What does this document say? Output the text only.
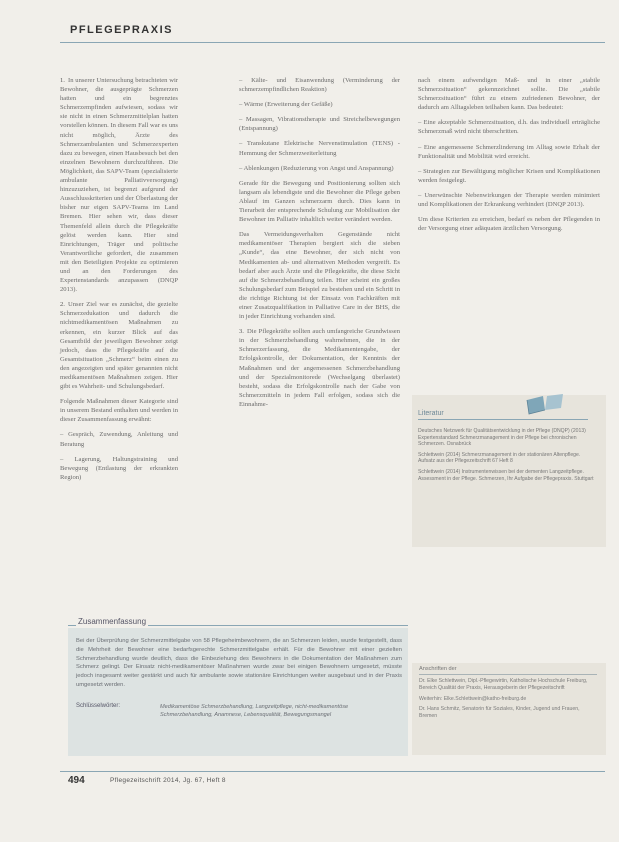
PFLEGEPRAXIS

1. In unserer Untersuchung betrachteten wir Bewohner, die ausgeprägte Schmerzen hatten und ein begrenztes Schmerzempfinden aufwiesen, sodass wir sie nicht in einen Schmerzmittelplan hatten vorstellen können. In diesem Fall war es uns nicht möglich, Ärzte des Schmerzambulanten und Schmerzexperten dazu zu bewegen, einen Hausbesuch bei den einzelnen Bewohnern durchzuführen. Die Möglichkeit, das SAPV-Team (spezialisierte ambulante Palliativversorgung) hinzuzuziehen, ist begrenzt aufgrund der Ausschlusskriterien und der Überlastung der bisher nur eigen SAPV-Teams im Land Bremen. Hier sehen wir, dass dieser Themenfeld allein durch die Pflegekräfte gelöst werden kann. Hier sind Einrichtungen, Träger und politische Verantwortliche gefordert, die zusammen mit den Beteiligten Projekte zu optimieren und an den Forderungen des Expertenstandards anzupassen (DNQP 2013).

2. Unser Ziel war es zunächst, die gezielte Schmerzedukation und dadurch die nichtmedikamentösen Maßnahmen zu erkennen, ein kurzer Blick auf das Gesamtbild der jeweiligen Bewohner zeigt jedoch, dass die Pflegekräfte auf die Gesamtsituation „Schmerz“ beim einen zu den angezeigten und später genannten nicht medikamentösen Maßnahmen zeigen. Hier gibt es Wahrheit- und Schulungsbedarf.

Folgende Maßnahmen dieser Kategorie sind in unserem Bestand enthalten und werden in dieser Zusammenfassung erwähnt:

– Gespräch, Zuwendung, Anleitung und Beratung

– Lagerung, Haltungstraining und Bewegung (Entlastung der erkrankten Region)

– Kälte- und Eisanwendung (Verminderung der schmerzempfindlichen Reaktion)

– Wärme (Erweiterung der Gefäße)

– Massagen, Vibrationstherapie und Streichelbewegungen (Entspannung)

– Transkutane Elektrische Nervenstimulation (TENS) - Hemmung der Schmerzweiterleitung

– Ablenkungen (Reduzierung von Angst und Anspannung)

Gerade für die Bewegung und Positionierung sollten sich langsam als lebendigste und die Bewohner die Pflege geben Ablauf im Ganzen schmerzarm durch. Dies kann in Tierarbeit der entsprechende Schulung zur Mobilisation der Bewohner im Palliativ inhaltlich weiter verändert werden.

Das Vermeidungsverhalten Gegenstände nicht medikamentöser Therapien bergiert sich die sieben „Kunde“, das eine Bewohner, der sich nicht von Medikamenten ab- und alternativen Methoden vergreift. Es bedarf aber auch Ärzte und die Pflegekräfte, die diese Sicht auf die Schmerzbehandlung teilen. Hier scheint ein großes Schulungsbedarf zum Beispiel zu bestehen und ein Schritt in die richtige Richtung ist der Einsatz von Fachkräften mit einer Zusatzqualifikation in Palliative Care in der BHS, die in jeder Einrichtung vorhanden sind.

3. Die Pflegekräfte sollten auch umfangreiche Grundwissen in der Schmerzbehandlung wahrnehmen, die in der Schmerzerfassung, die Medikamentengabe, der Erfolgskontrolle, der Dokumentation, der Kenntnis der Maßnahmen und der angemessenen Schmerzbehandlung und der Spezialmonitorede (Wechselgang überlastet) besteht, sodass die Erfolgskontrolle nach der Gabe von Schmerzmitteln in jedem Fall erfolgen, sodass sich die Einnahme-

nach einem aufwendigen Maß- und in einer „stabile Schmerzsituation“ gekennzeichnet sollte. Die „stabile Schmerzsituation“ führt zu einem zufriedenen Bewohner, der dadurch am Alltagsleben teilhaben kann. Das bedeutet:

– Eine akzeptable Schmerzsituation, d.h. das individuell erträgliche Schmerzmaß wird nicht überschritten.

– Eine angemessene Schmerzlinderung im Alltag sowie Erhalt der Funktionalität und Mobilität wird erreicht.

– Strategien zur Bewältigung möglicher Krisen und Komplikationen werden festgelegt.

– Unerwünschte Nebenwirkungen der Therapie werden minimiert und Komplikationen der Erkrankung verhindert (DNQP 2013).

Um diese Kriterien zu erreichen, bedarf es neben der Pflegenden in der Versorgung einer adäquaten ärztlichen Versorgung.

Literatur

Deutsches Netzwerk für Qualitätsentwicklung in der Pflege (DNQP) (2013) Expertenstandard Schmerzmanagement in der Pflege bei chronischen Schmerzen. Osnabrück

Schlettwein (2014) Schmerzmanagement in der stationären Altenpflege. Aufsatz aus der Pflegezeitschrift 67 Heft 8

Schlettwein (2014) Instrumentenwissen bei der dementen Langzeitpflege. Assessment in der Pflege. Schmerzen, Ihr Aufgabe der Pflegepraxis. Stuttgart

Zusammenfassung
Bei der Überprüfung der Schmerzmittelgabe von 58 Pflegeheimbewohnern, die an Schmerzen leiden, wurde festgestellt, dass die Mehrheit der Bewohner eine bedarfsgerechte Schmerzmittelgabe erhält. Für die Bewohner mit einer gezielten Schmerzbehandlung wurde deutlich, dass die Einbeziehung des Bewohners in die Dokumentation der Maßnahmen zum Schmerz gelingt. Der Einsatz nicht-medikamentöser Maßnahmen wurde zwar bei einigen Bewohnern umgesetzt, müsste jedoch insgesamt weiter gestärkt und auch für ambulante sowie stationäre Einrichtungen weiter ausgebaut und in der Praxis umgesetzt werden.
Schlüsselwörter:	Medikamentöse Schmerzbehandlung, Langzeitpflege, nicht-medikamentöse Schmerzbehandlung, Anamnese, Lebensqualität, Bewegungsmangel
Anschriften der

Dr. Elke Schlettwein, Dipl.-Pflegewirtin, Katholische Hochschule Freiburg, Bereich Qualität der Praxis, Herausgeberin der Pflegezeitschrift

Weiterhin: Elke.Schlettwein@katho-freiburg.de

Dr. Hans Schmitz, Senatorin für Soziales, Kinder, Jugend und Frauen, Bremen

494	Pflegezeitschrift 2014, Jg. 67, Heft 8
